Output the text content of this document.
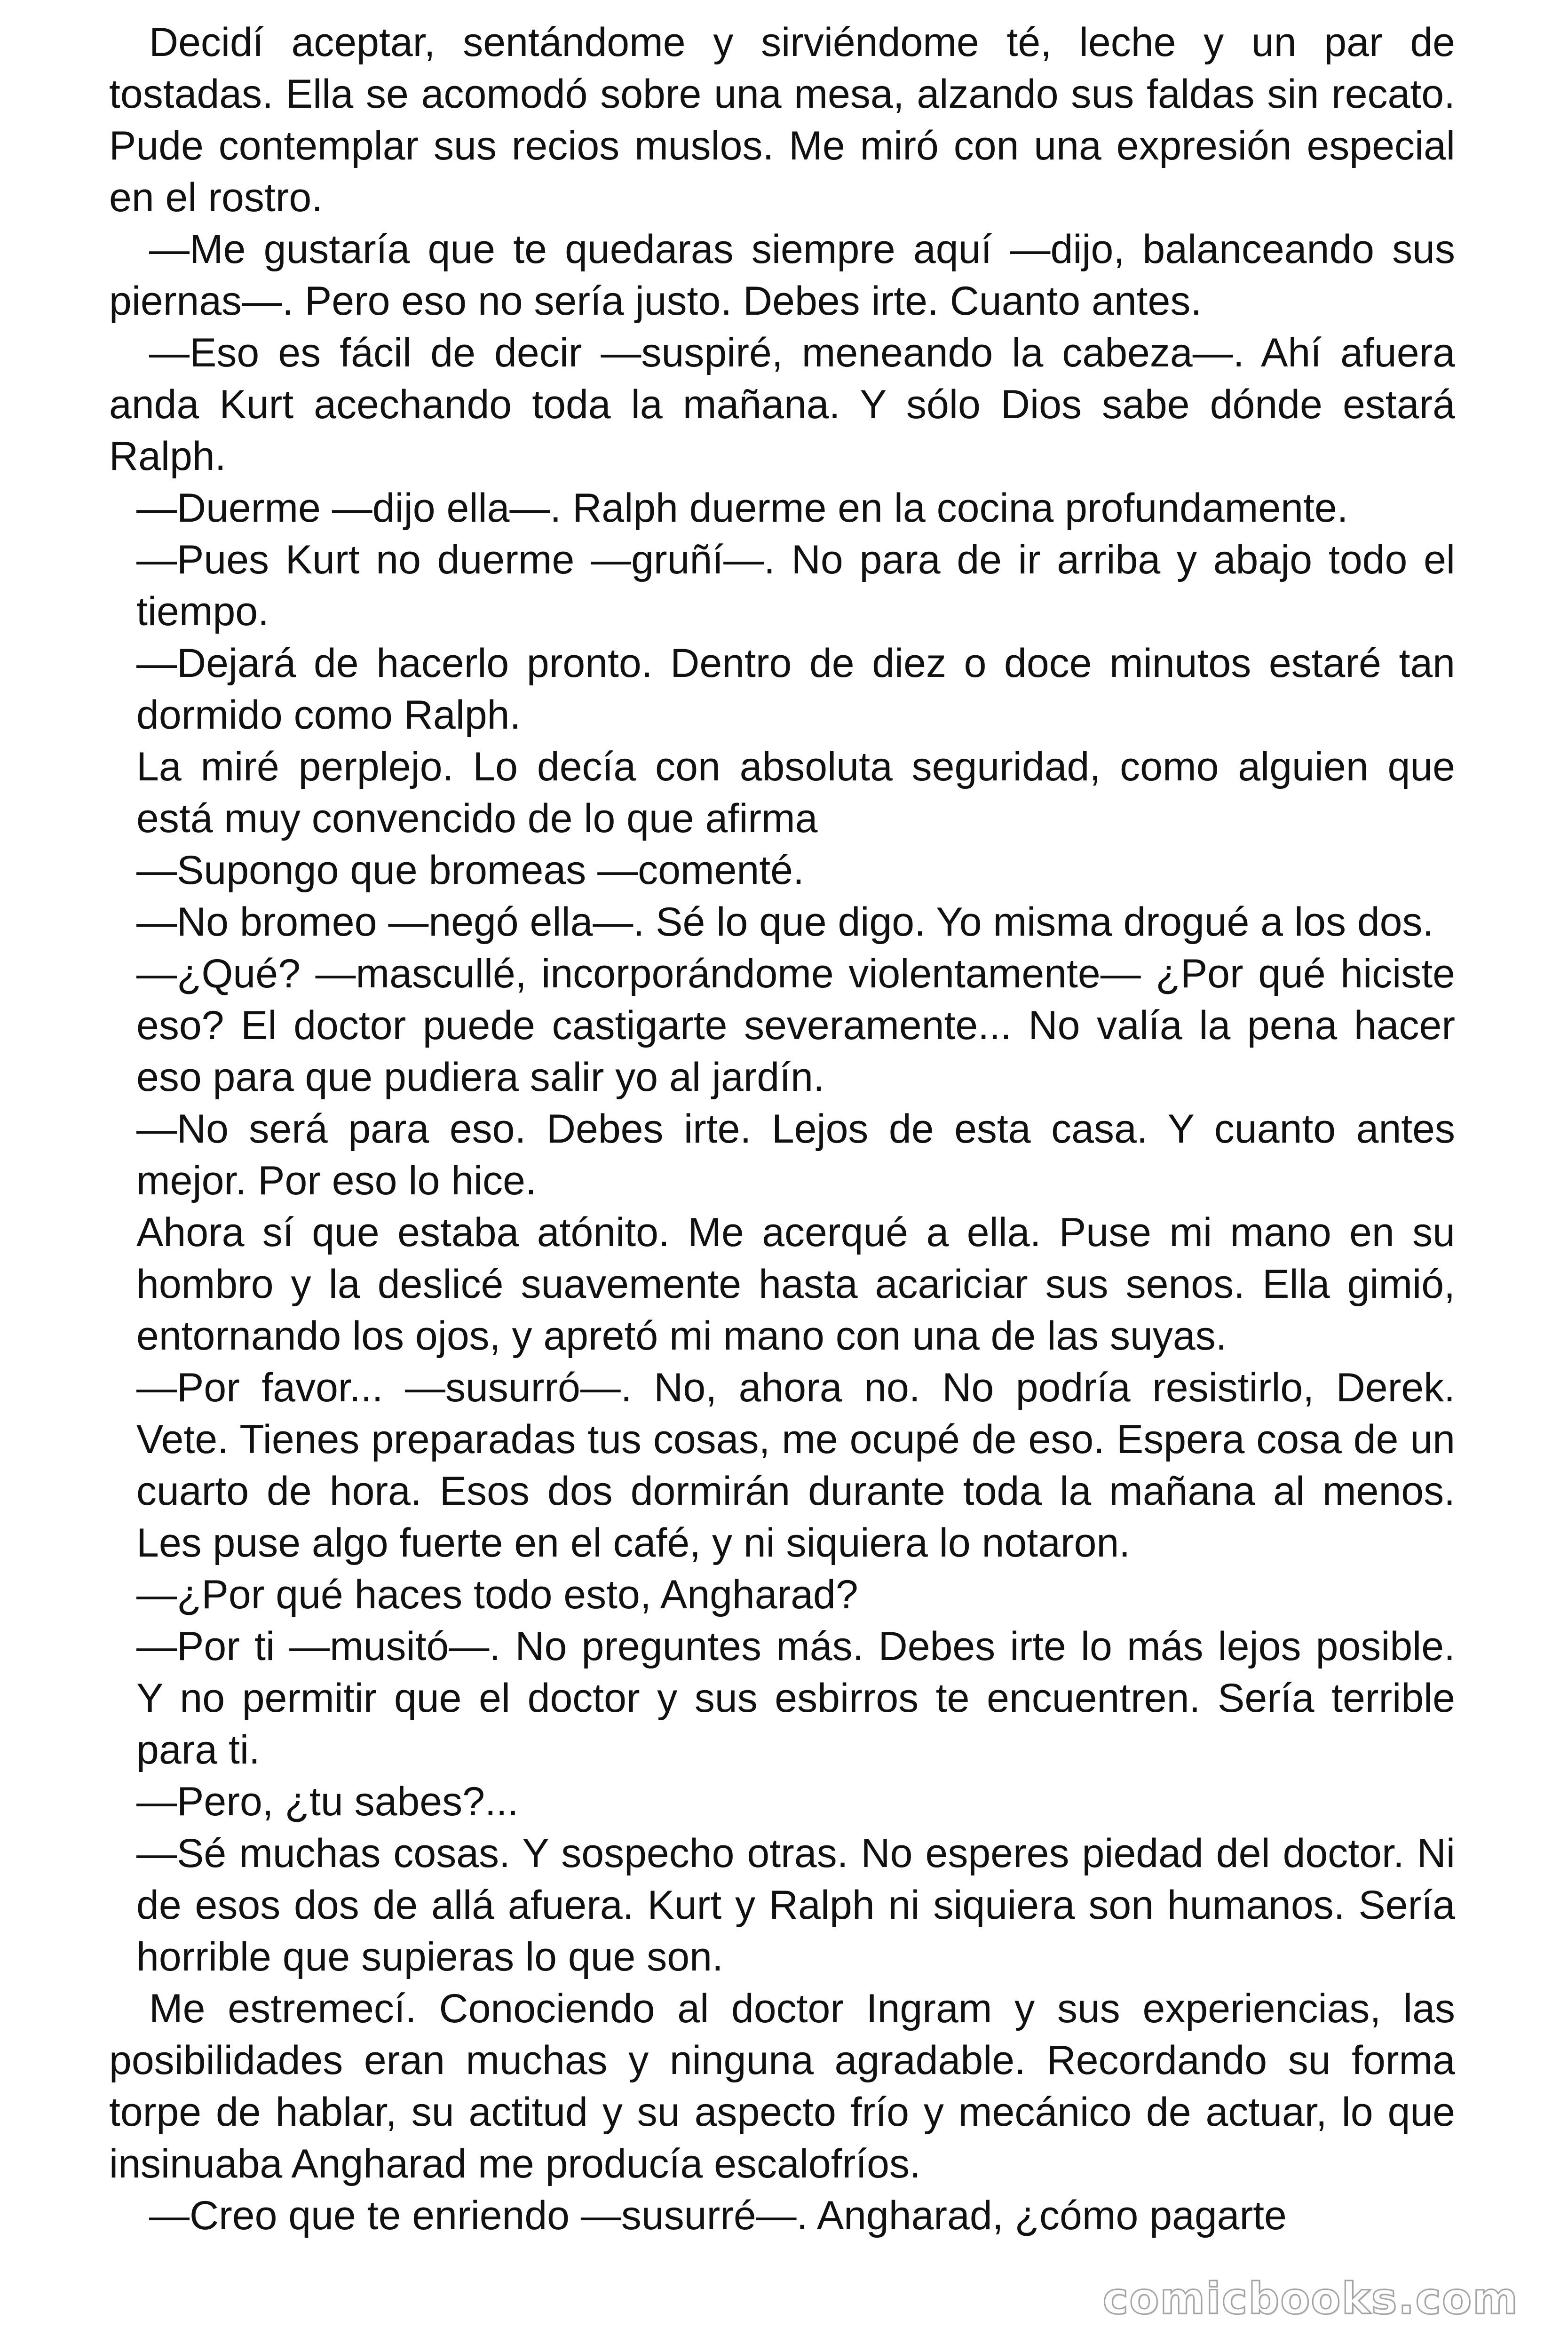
Decidí aceptar, sentándome y sirviéndome té, leche y un par de tostadas. Ella se acomodó sobre una mesa, alzando sus faldas sin recato. Pude contemplar sus recios muslos. Me miró con una expresión especial en el rostro.

—Me gustaría que te quedaras siempre aquí —dijo, balanceando sus piernas—. Pero eso no sería justo. Debes irte. Cuanto antes.

—Eso es fácil de decir —suspiré, meneando la cabeza—. Ahí afuera anda Kurt acechando toda la mañana. Y sólo Dios sabe dónde estará Ralph.

—Duerme —dijo ella—. Ralph duerme en la cocina profundamente.

—Pues Kurt no duerme —gruñí—. No para de ir arriba y abajo todo el tiempo.

—Dejará de hacerlo pronto. Dentro de diez o doce minutos estaré tan dormido como Ralph.

La miré perplejo. Lo decía con absoluta seguridad, como alguien que está muy convencido de lo que afirma

—Supongo que bromeas —comenté.

—No bromeo —negó ella—. Sé lo que digo. Yo misma drogué a los dos.

—¿Qué? —mascullé, incorporándome violentamente— ¿Por qué hiciste eso? El doctor puede castigarte severamente... No valía la pena hacer eso para que pudiera salir yo al jardín.

—No será para eso. Debes irte. Lejos de esta casa. Y cuanto antes mejor. Por eso lo hice.

Ahora sí que estaba atónito. Me acerqué a ella. Puse mi mano en su hombro y la deslicé suavemente hasta acariciar sus senos. Ella gimió, entornando los ojos, y apretó mi mano con una de las suyas.

—Por favor... —susurró—. No, ahora no. No podría resistirlo, Derek. Vete. Tienes preparadas tus cosas, me ocupé de eso. Espera cosa de un cuarto de hora. Esos dos dormirán durante toda la mañana al menos. Les puse algo fuerte en el café, y ni siquiera lo notaron.

—¿Por qué haces todo esto, Angharad?

—Por ti —musitó—. No preguntes más. Debes irte lo más lejos posible. Y no permitir que el doctor y sus esbirros te encuentren. Sería terrible para ti.

—Pero, ¿tu sabes?...

—Sé muchas cosas. Y sospecho otras. No esperes piedad del doctor. Ni de esos dos de allá afuera. Kurt y Ralph ni siquiera son humanos. Sería horrible que supieras lo que son.

Me estremecí. Conociendo al doctor Ingram y sus experiencias, las posibilidades eran muchas y ninguna agradable. Recordando su forma torpe de hablar, su actitud y su aspecto frío y mecánico de actuar, lo que insinuaba Angharad me producía escalofríos.

—Creo que te enriendo —susurré—. Angharad, ¿cómo pagarte

comicbooks.com
